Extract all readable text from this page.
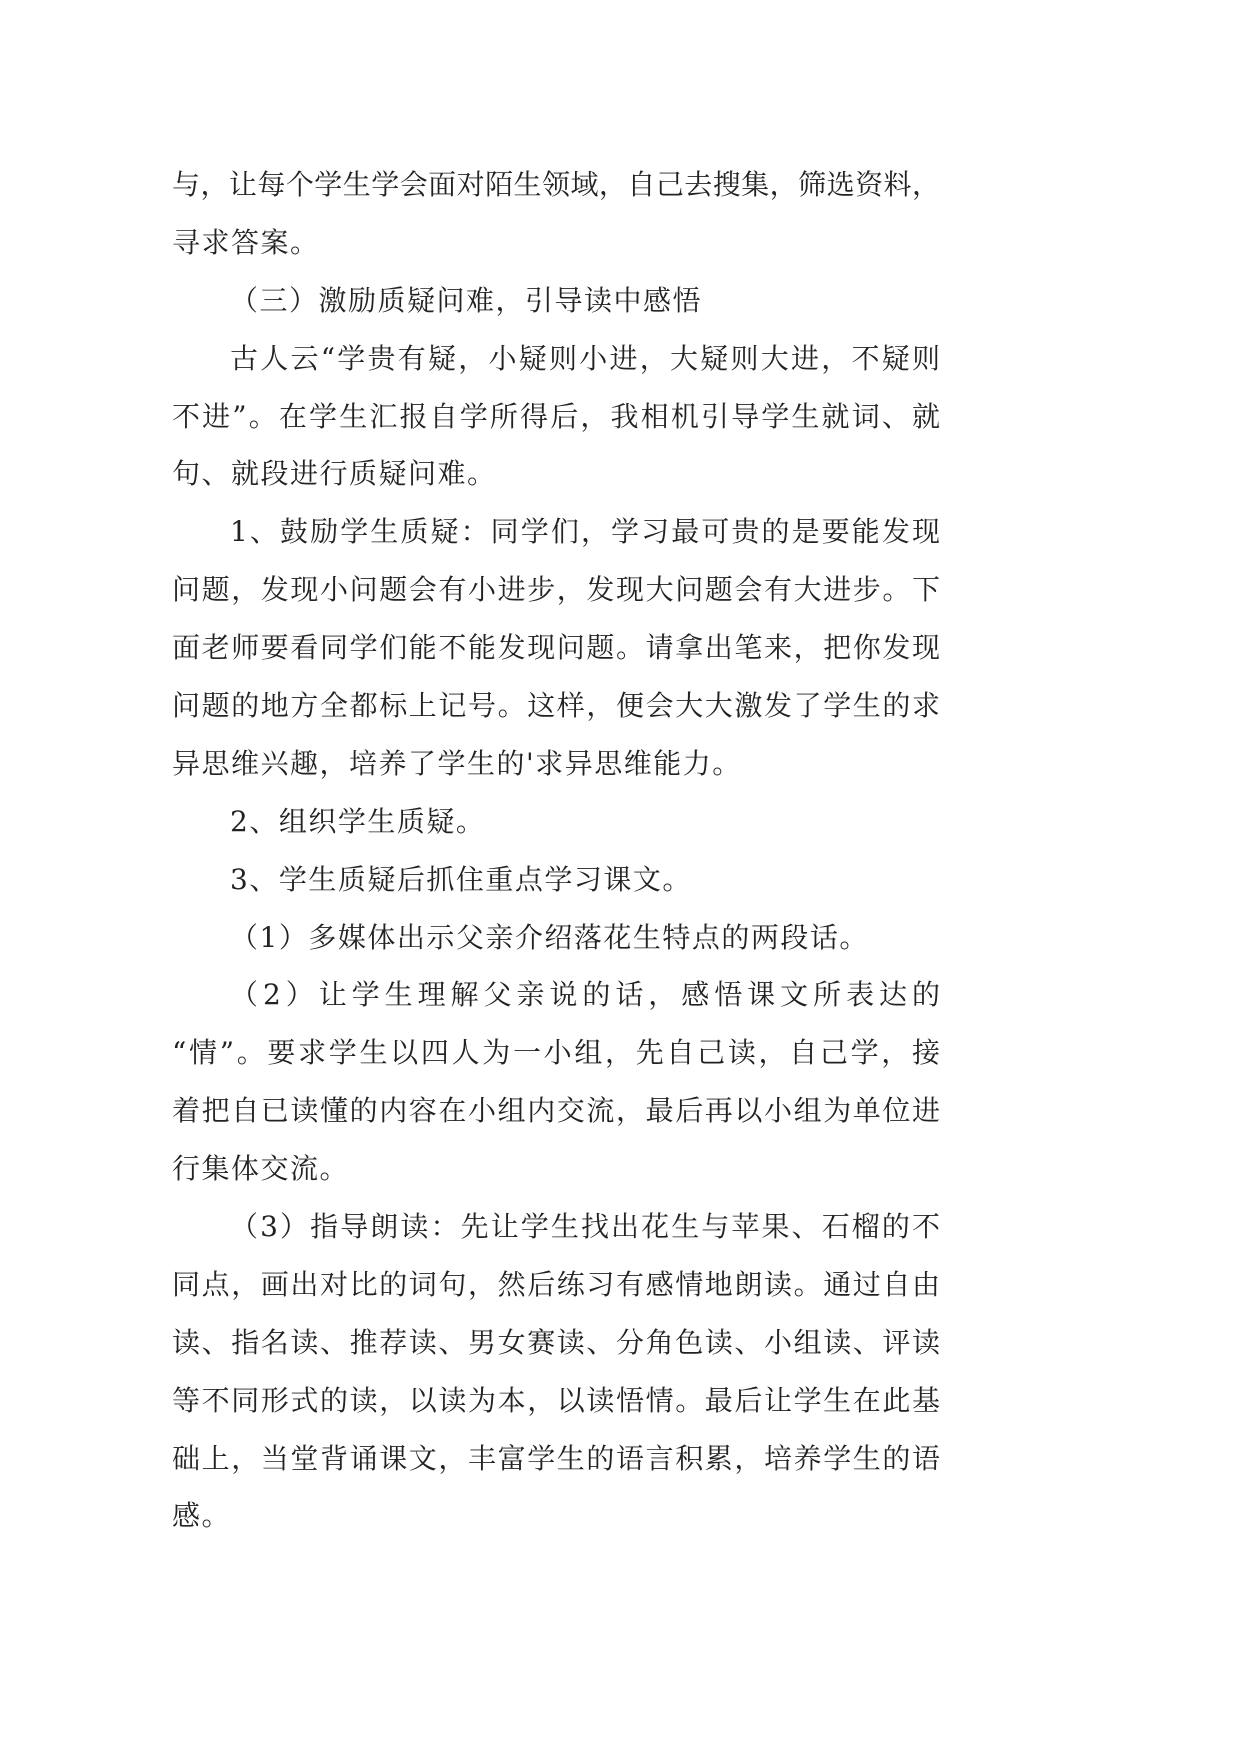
与，让每个学生学会面对陌生领域，自己去搜集，筛选资料，
寻求答案。
（三）激励质疑问难，引导读中感悟
古人云“学贵有疑，小疑则小进，大疑则大进，不疑则
不进”。在学生汇报自学所得后，我相机引导学生就词、就
句、就段进行质疑问难。
1、鼓励学生质疑：同学们，学习最可贵的是要能发现
问题，发现小问题会有小进步，发现大问题会有大进步。下
面老师要看同学们能不能发现问题。请拿出笔来，把你发现
问题的地方全都标上记号。这样，便会大大激发了学生的求
异思维兴趣，培养了学生的'求异思维能力。
2、组织学生质疑。
3、学生质疑后抓住重点学习课文。
（1）多媒体出示父亲介绍落花生特点的两段话。
（2）让学生理解父亲说的话，感悟课文所表达的
“情”。要求学生以四人为一小组，先自己读，自己学，接
着把自已读懂的内容在小组内交流，最后再以小组为单位进
行集体交流。
（3）指导朗读：先让学生找出花生与苹果、石榴的不
同点，画出对比的词句，然后练习有感情地朗读。通过自由
读、指名读、推荐读、男女赛读、分角色读、小组读、评读
等不同形式的读，以读为本，以读悟情。最后让学生在此基
础上，当堂背诵课文，丰富学生的语言积累，培养学生的语
感。
